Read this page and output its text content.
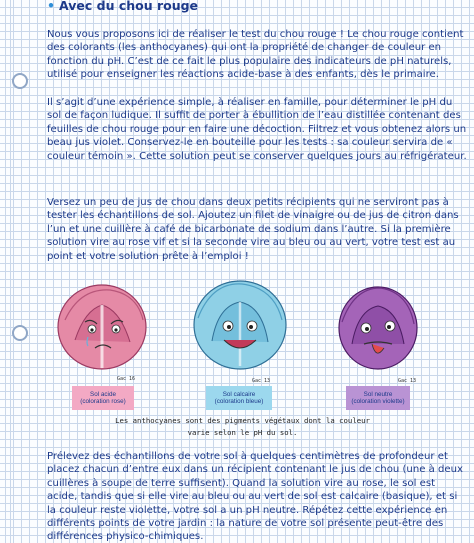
• Avec du chou rouge

Nous vous proposons ici de réaliser le test du chou rouge ! Le chou rouge contient des colorants (les anthocyanes) qui ont la propriété de changer de couleur en fonction du pH. C’est de ce fait le plus populaire des indicateurs de pH naturels, utilisé pour enseigner les réactions acide-base à des enfants, dès le primaire.

Il s’agit d’une expérience simple, à réaliser en famille, pour déterminer le pH du sol de façon ludique. Il suffit de porter à ébullition de l’eau distillée contenant des feuilles de chou rouge pour en faire une décoction. Filtrez et vous obtenez alors un beau jus violet. Conservez-le en bouteille pour les tests : sa couleur servira de « couleur témoin ». Cette solution peut se conserver quelques jours au réfrigérateur.

Versez un peu de jus de chou dans deux petits récipients qui ne serviront pas à tester les échantillons de sol. Ajoutez un filet de vinaigre ou de jus de citron dans l’un et une cuillère à café de bicarbonate de sodium dans l’autre. Si la première solution vire au rose vif et si la seconde vire au bleu ou au vert, votre test est au point et votre solution prête à l’emploi !

Gac 16
Sol acide
(coloration rose)
Gac 13
Sol calcaire
(coloration bleue)
Gac 13
Sol neutre
(coloration violette)
Les anthocyanes sont des pigments végétaux dont la couleur
varie selon le pH du sol.

Prélevez des échantillons de votre sol à quelques centimètres de profondeur et placez chacun d’entre eux dans un récipient contenant le jus de chou (une à deux cuillères à soupe de terre suffisent). Quand la solution vire au rose, le sol est acide, tandis que si elle vire au bleu ou au vert de sol est calcaire (basique), et si la couleur reste violette, votre sol a un pH neutre. Répétez cette expérience en différents points de votre jardin : la nature de votre sol présente peut-être des différences physico-chimiques.
